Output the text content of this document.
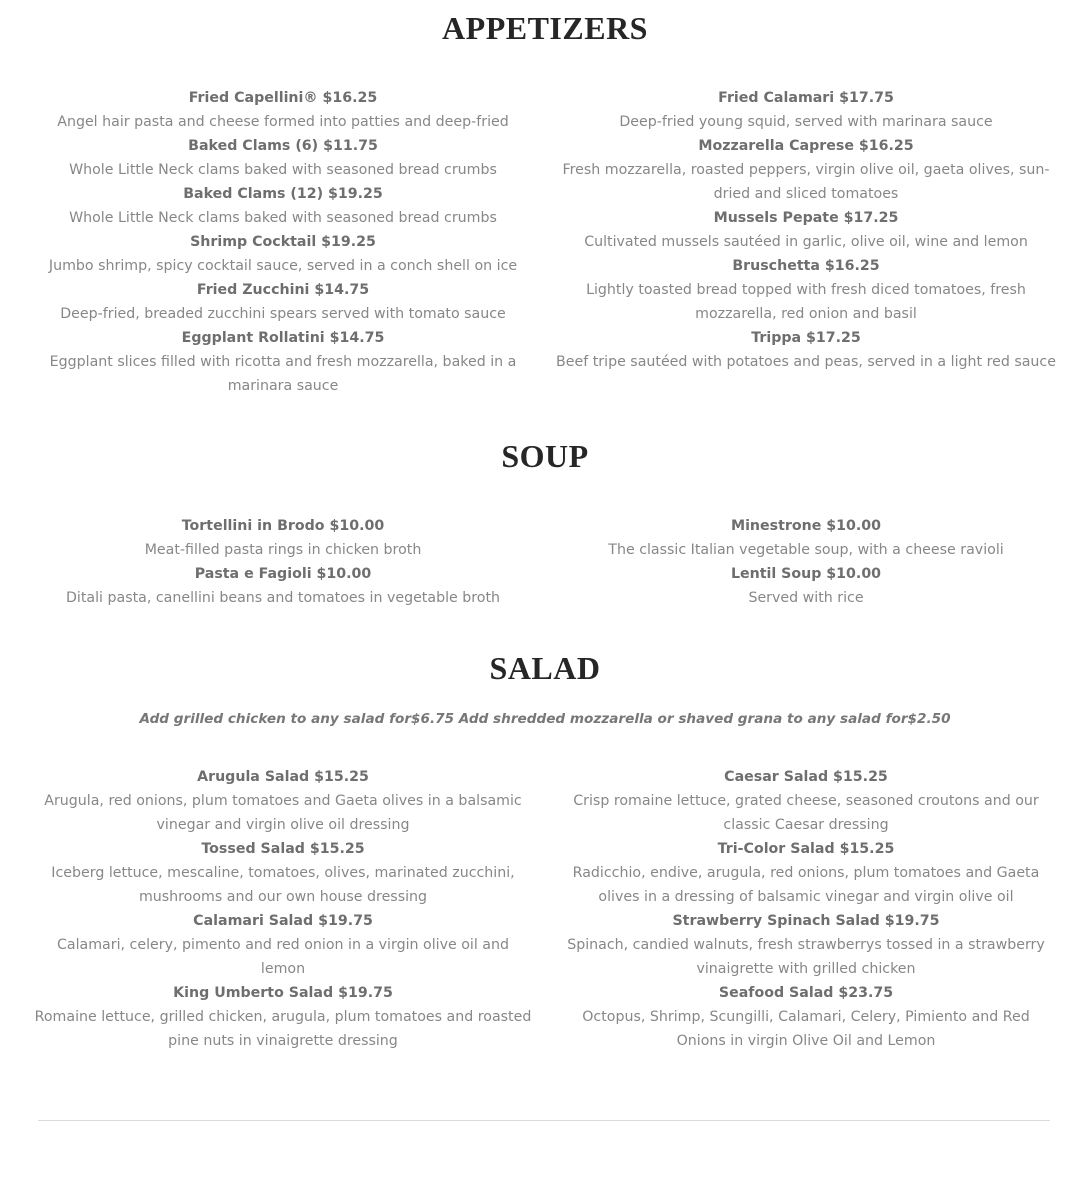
APPETIZERS
Fried Capellini® $16.25
Angel hair pasta and cheese formed into patties and deep-fried
Baked Clams (6) $11.75
Whole Little Neck clams baked with seasoned bread crumbs
Baked Clams (12) $19.25
Whole Little Neck clams baked with seasoned bread crumbs
Shrimp Cocktail $19.25
Jumbo shrimp, spicy cocktail sauce, served in a conch shell on ice
Fried Zucchini $14.75
Deep-fried, breaded zucchini spears served with tomato sauce
Eggplant Rollatini $14.75
Eggplant slices filled with ricotta and fresh mozzarella, baked in a marinara sauce
Fried Calamari $17.75
Deep-fried young squid, served with marinara sauce
Mozzarella Caprese $16.25
Fresh mozzarella, roasted peppers, virgin olive oil, gaeta olives, sun-dried and sliced tomatoes
Mussels Pepate $17.25
Cultivated mussels sautéed in garlic, olive oil, wine and lemon
Bruschetta $16.25
Lightly toasted bread topped with fresh diced tomatoes, fresh mozzarella, red onion and basil
Trippa $17.25
Beef tripe sautéed with potatoes and peas, served in a light red sauce
SOUP
Tortellini in Brodo $10.00
Meat-filled pasta rings in chicken broth
Pasta e Fagioli $10.00
Ditali pasta, canellini beans and tomatoes in vegetable broth
Minestrone $10.00
The classic Italian vegetable soup, with a cheese ravioli
Lentil Soup $10.00
Served with rice
SALAD
Add grilled chicken to any salad for$6.75 Add shredded mozzarella or shaved grana to any salad for$2.50
Arugula Salad $15.25
Arugula, red onions, plum tomatoes and Gaeta olives in a balsamic vinegar and virgin olive oil dressing
Tossed Salad $15.25
Iceberg lettuce, mescaline, tomatoes, olives, marinated zucchini, mushrooms and our own house dressing
Calamari Salad $19.75
Calamari, celery, pimento and red onion in a virgin olive oil and lemon
King Umberto Salad $19.75
Romaine lettuce, grilled chicken, arugula, plum tomatoes and roasted pine nuts in vinaigrette dressing
Caesar Salad $15.25
Crisp romaine lettuce, grated cheese, seasoned croutons and our classic Caesar dressing
Tri-Color Salad $15.25
Radicchio, endive, arugula, red onions, plum tomatoes and Gaeta olives in a dressing of balsamic vinegar and virgin olive oil
Strawberry Spinach Salad $19.75
Spinach, candied walnuts, fresh strawberrys tossed in a strawberry vinaigrette with grilled chicken
Seafood Salad $23.75
Octopus, Shrimp, Scungilli, Calamari, Celery, Pimiento and Red Onions in virgin Olive Oil and Lemon
